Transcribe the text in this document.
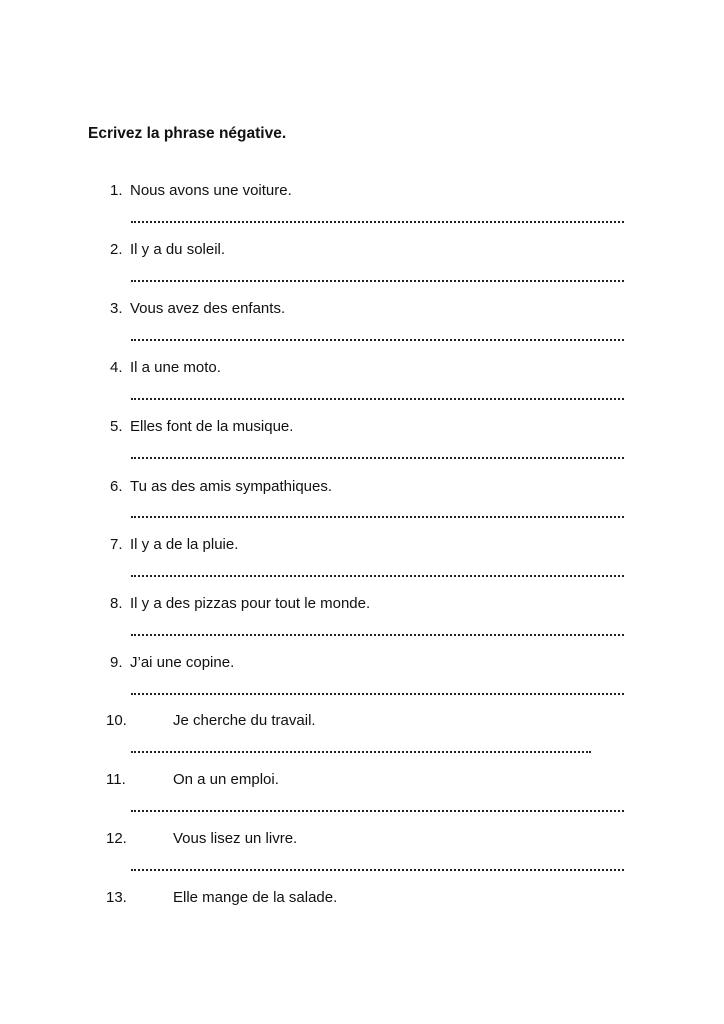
Ecrivez la phrase négative.
1. Nous avons une voiture.
2. Il y a du soleil.
3. Vous avez des enfants.
4. Il a une moto.
5. Elles font de la musique.
6. Tu as des amis sympathiques.
7. Il y a de la pluie.
8. Il y a des pizzas pour tout le monde.
9. J’ai une copine.
10.	Je cherche du travail.
11.	On a un emploi.
12.	Vous lisez un livre.
13.	Elle mange de la salade.
